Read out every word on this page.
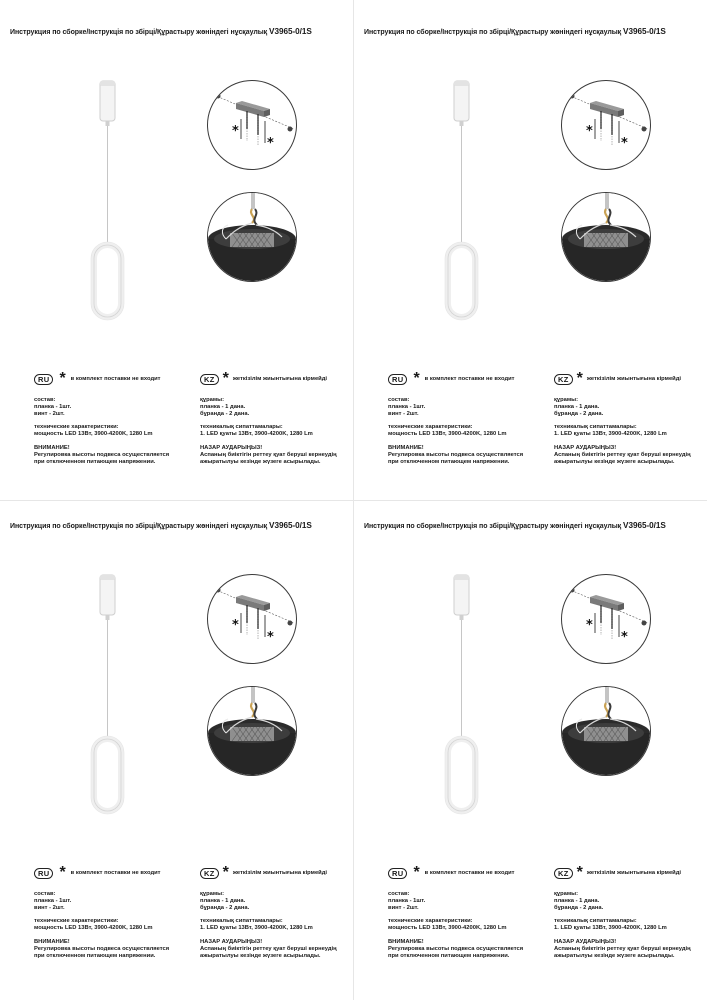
Инструкция по сборке/Інструкція по збірці/Құрастыру жөніндегі нұсқаулық V3965-0/1S
*
*
RU * в комплект поставки не входит	KZ * жеткізілім жиынтығына кірмейді
состав:
планка - 1шт.
винт - 2шт.
технические характеристики:
мощность LED 13Вт, 3900-4200K, 1280 Lm
ВНИМАНИЕ!
Регулировка высоты подвеса осуществляется
при отключенном питающем напряжении.
құрамы:
планка - 1 дана.
бұранда - 2 дана.
техникалық сипаттамалары:
1. LED қуаты 13Вт, 3900-4200K, 1280 Lm
НАЗАР АУДАРЫҢЫЗ!
Аспаның биіктігін реттеу қуат беруші кернеудің
ажыратылуы кезінде жүзеге асырылады.
Инструкция по сборке/Інструкція по збірці/Құрастыру жөніндегі нұсқаулық V3965-0/1S
*
*
RU * в комплект поставки не входит	KZ * жеткізілім жиынтығына кірмейді
состав:
планка - 1шт.
винт - 2шт.
технические характеристики:
мощность LED 13Вт, 3900-4200K, 1280 Lm
ВНИМАНИЕ!
Регулировка высоты подвеса осуществляется
при отключенном питающем напряжении.
құрамы:
планка - 1 дана.
бұранда - 2 дана.
техникалық сипаттамалары:
1. LED қуаты 13Вт, 3900-4200K, 1280 Lm
НАЗАР АУДАРЫҢЫЗ!
Аспаның биіктігін реттеу қуат беруші кернеудің
ажыратылуы кезінде жүзеге асырылады.
Инструкция по сборке/Інструкція по збірці/Құрастыру жөніндегі нұсқаулық V3965-0/1S
*
*
RU * в комплект поставки не входит	KZ * жеткізілім жиынтығына кірмейді
состав:
планка - 1шт.
винт - 2шт.
технические характеристики:
мощность LED 13Вт, 3900-4200K, 1280 Lm
ВНИМАНИЕ!
Регулировка высоты подвеса осуществляется
при отключенном питающем напряжении.
құрамы:
планка - 1 дана.
бұранда - 2 дана.
техникалық сипаттамалары:
1. LED қуаты 13Вт, 3900-4200K, 1280 Lm
НАЗАР АУДАРЫҢЫЗ!
Аспаның биіктігін реттеу қуат беруші кернеудің
ажыратылуы кезінде жүзеге асырылады.
Инструкция по сборке/Інструкція по збірці/Құрастыру жөніндегі нұсқаулық V3965-0/1S
*
*
RU * в комплект поставки не входит	KZ * жеткізілім жиынтығына кірмейді
состав:
планка - 1шт.
винт - 2шт.
технические характеристики:
мощность LED 13Вт, 3900-4200K, 1280 Lm
ВНИМАНИЕ!
Регулировка высоты подвеса осуществляется
при отключенном питающем напряжении.
құрамы:
планка - 1 дана.
бұранда - 2 дана.
техникалық сипаттамалары:
1. LED қуаты 13Вт, 3900-4200K, 1280 Lm
НАЗАР АУДАРЫҢЫЗ!
Аспаның биіктігін реттеу қуат беруші кернеудің
ажыратылуы кезінде жүзеге асырылады.
